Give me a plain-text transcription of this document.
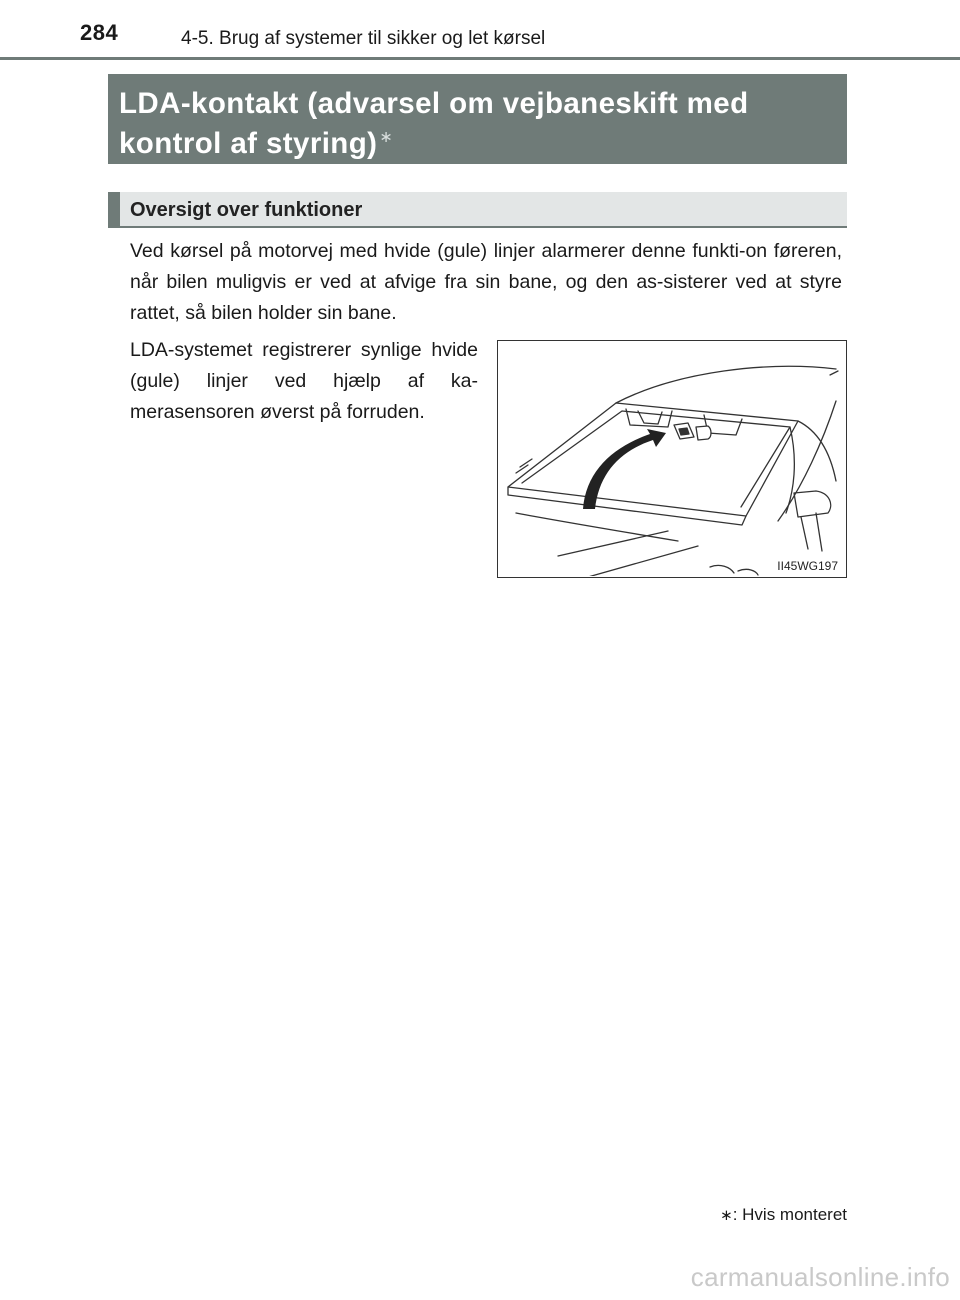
284	4-5. Brug af systemer til sikker og let kørsel
LDA-kontakt (advarsel om vejbaneskift med kontrol af styring) ∗
Oversigt over funktioner

Ved kørsel på motorvej med hvide (gule) linjer alarmerer denne funkti-on føreren, når bilen muligvis er ved at afvige fra sin bane, og den as-sisterer ved at styre rattet, så bilen holder sin bane.

LDA-systemet registrerer synlige hvide (gule) linjer ved hjælp af ka-merasensoren øverst på forruden.

II45WG197
∗: Hvis monteret
carmanualsonline.info
